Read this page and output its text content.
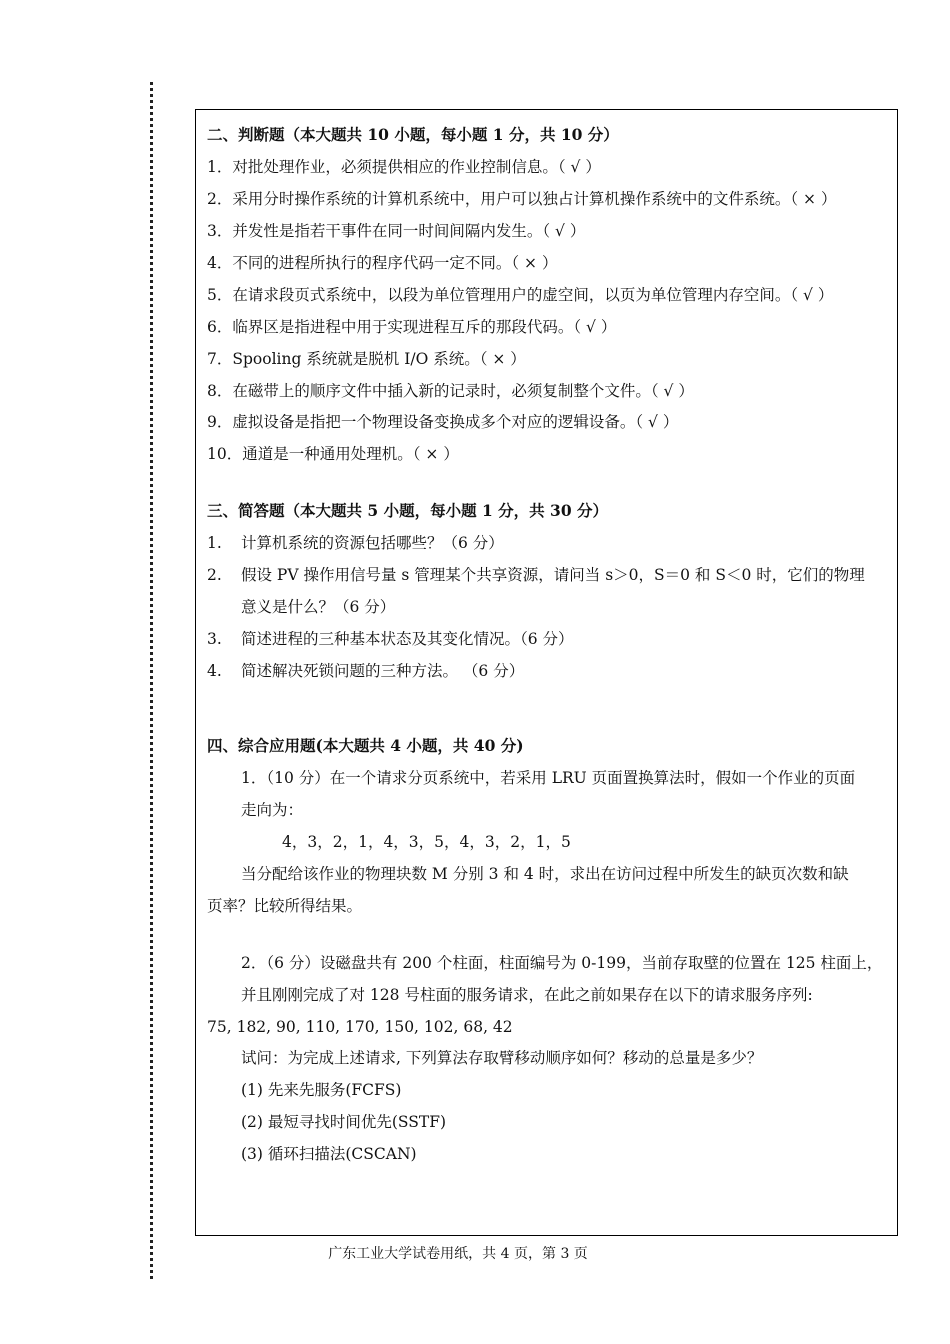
二、判断题（本大题共 10 小题，每小题 1 分，共 10 分）
1．对批处理作业，必须提供相应的作业控制信息。（ √ ）
2．采用分时操作系统的计算机系统中，用户可以独占计算机操作系统中的文件系统。（ × ）
3．并发性是指若干事件在同一时间间隔内发生。（ √ ）
4．不同的进程所执行的程序代码一定不同。（ × ）
5．在请求段页式系统中，以段为单位管理用户的虚空间，以页为单位管理内存空间。（ √ ）
6．临界区是指进程中用于实现进程互斥的那段代码。（ √ ）
7．Spooling 系统就是脱机 I/O 系统。（ × ）
8．在磁带上的顺序文件中插入新的记录时，必须复制整个文件。（ √ ）
9．虚拟设备是指把一个物理设备变换成多个对应的逻辑设备。（ √ ）
10．通道是一种通用处理机。（ × ）
三、简答题（本大题共 5 小题，每小题 1 分，共 30 分）
1. 计算机系统的资源包括哪些？（6 分）
2. 假设 PV 操作用信号量 s 管理某个共享资源，请问当 s＞0，S＝0 和 S＜0 时，它们的物理
意义是什么？（6 分）
3. 简述进程的三种基本状态及其变化情况。（6 分）
4. 简述解决死锁问题的三种方法。 （6 分）
四、综合应用题(本大题共 4 小题，共 40 分)
1．（10 分）在一个请求分页系统中，若采用 LRU 页面置换算法时，假如一个作业的页面
走向为：
4，3，2，1，4，3，5，4，3，2，1，5
当分配给该作业的物理块数 M 分别 3 和 4 时，求出在访问过程中所发生的缺页次数和缺
页率？比较所得结果。
2．（6 分）设磁盘共有 200 个柱面，柱面编号为 0-199，当前存取壁的位置在 125 柱面上，
并且刚刚完成了对 128 号柱面的服务请求，在此之前如果存在以下的请求服务序列:
75, 182, 90, 110, 170, 150, 102, 68, 42
试问：为完成上述请求, 下列算法存取臂移动顺序如何？移动的总量是多少？
(1) 先来先服务(FCFS)
(2) 最短寻找时间优先(SSTF)
(3) 循环扫描法(CSCAN)
广东工业大学试卷用纸，共 4 页，第 3 页
